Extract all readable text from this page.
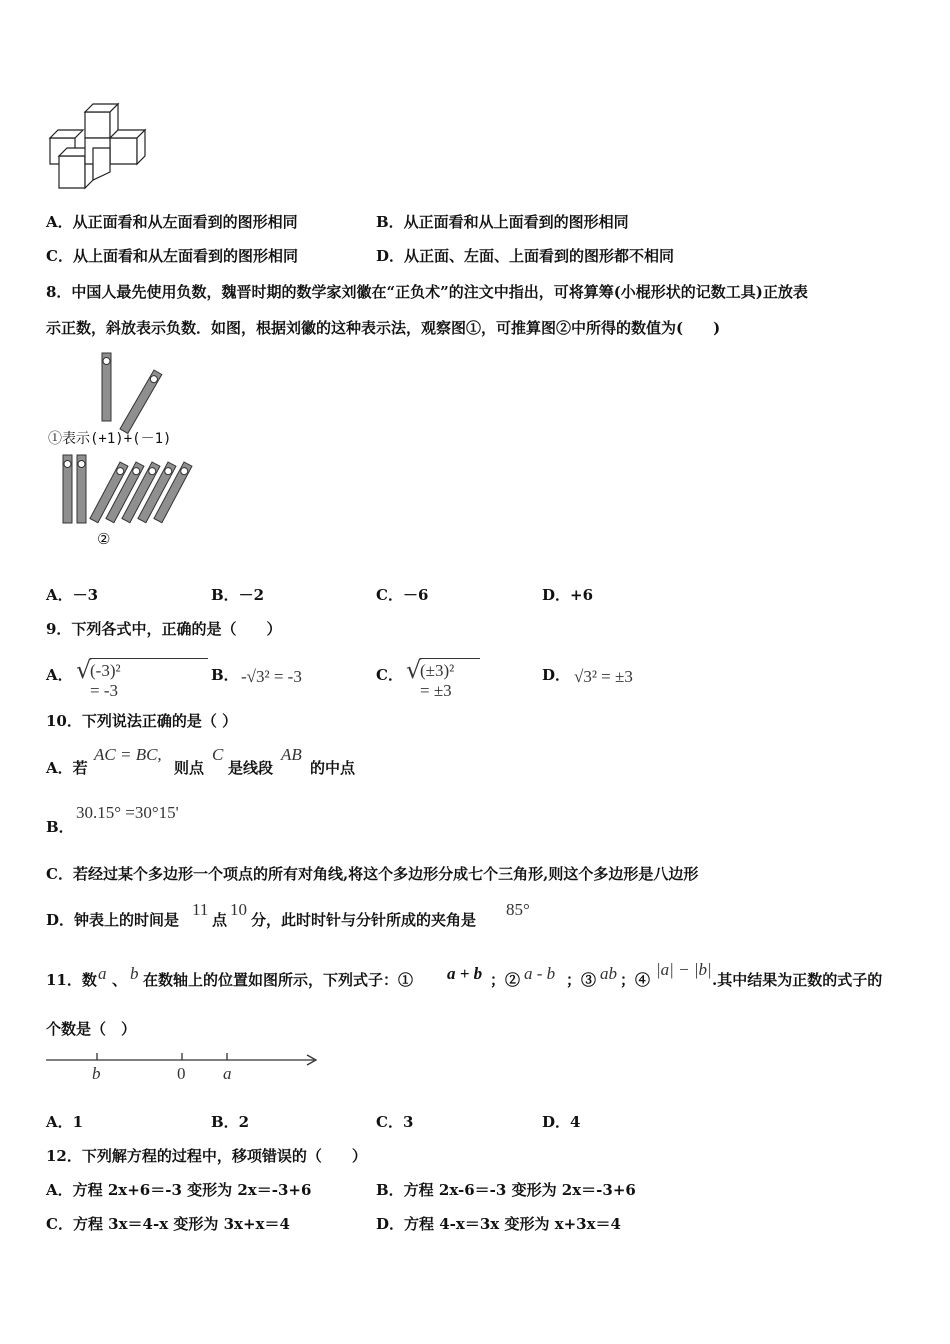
A．从正面看和从左面看到的图形相同	B．从正面看和从上面看到的图形相同
C．从上面看和从左面看到的图形相同	D．从正面、左面、上面看到的图形都不相同
8．中国人最先使用负数，魏晋时期的数学家刘徽在“正负术”的注文中指出，可将算筹(小棍形状的记数工具)正放表
示正数，斜放表示负数．如图，根据刘徽的这种表示法，观察图①，可推算图②中所得的数值为(　　)
①表示(+1)+(－1)
②
A．－3	B．－2	C．－6	D．+6
9．下列各式中，正确的是（　　）
A． √
(-3)² = -3
B． -√3² = -3	C． √
(±3)² = ±3
D． √3² = ±3
10．下列说法正确的是（ ）
A．若
AC = BC,
则点
C
是线段
AB
的中点
30.15° =30°15'
B．
C．若经过某个多边形一个项点的所有对角线,将这个多边形分成七个三角形,则这个多边形是八边形
D．钟表上的时间是
11
点
10
分，此时时针与分针所成的夹角是
85°
11．数 a 、 b 在数轴上的位置如图所示，下列式子：① a + b ；② a - b ；③ ab ；④
|a| − |b|
.其中结果为正数的式子的
个数是（　）
b	0 a
A．1	B．2	C．3	D．4
12．下列解方程的过程中，移项错误的（　　）
A．方程 2x+6＝-3 变形为 2x＝-3+6	B．方程 2x-6＝-3 变形为 2x＝-3+6
C．方程 3x＝4-x 变形为 3x+x＝4	D．方程 4-x＝3x 变形为 x+3x＝4
